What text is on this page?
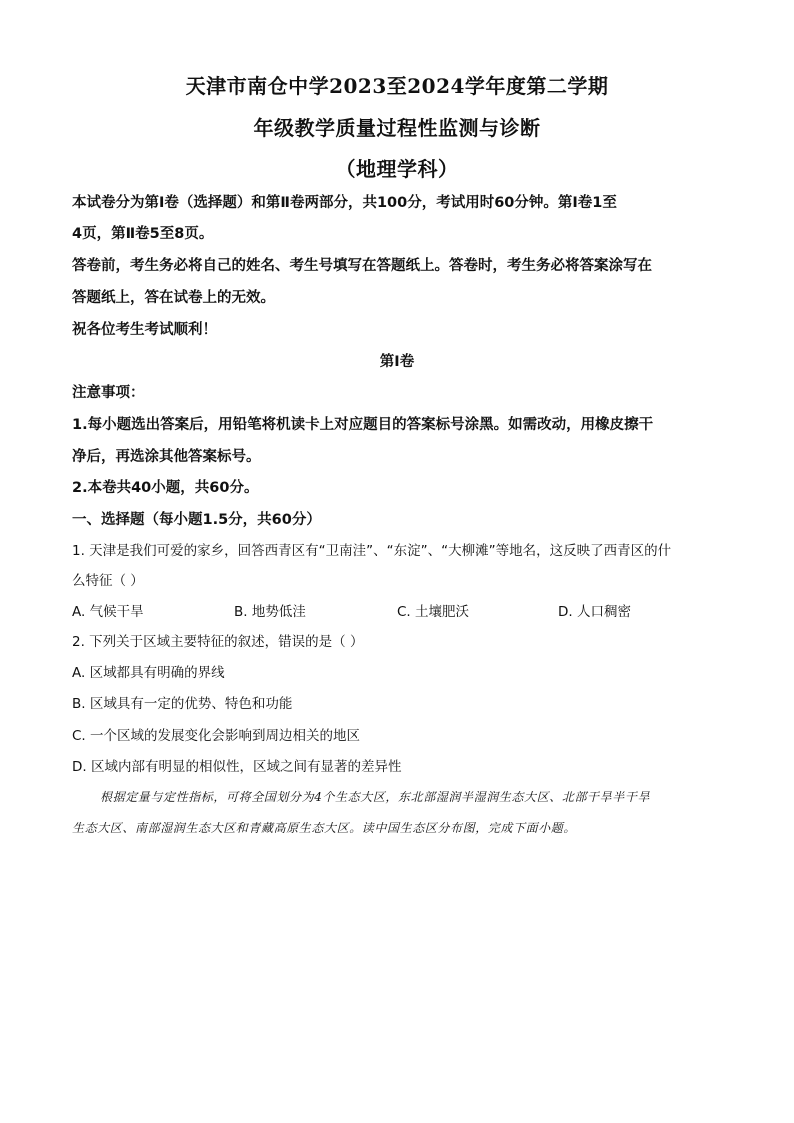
天津市南仓中学2023至2024学年度第二学期
年级教学质量过程性监测与诊断
（地理学科）
本试卷分为第Ⅰ卷（选择题）和第Ⅱ卷两部分，共100分，考试用时60分钟。第Ⅰ卷1至
4页，第Ⅱ卷5至8页。
答卷前，考生务必将自己的姓名、考生号填写在答题纸上。答卷时，考生务必将答案涂写在
答题纸上，答在试卷上的无效。
祝各位考生考试顺利！
第Ⅰ卷
注意事项：
1.每小题选出答案后，用铅笔将机读卡上对应题目的答案标号涂黑。如需改动，用橡皮擦干
净后，再选涂其他答案标号。
2.本卷共40小题，共60分。
一、选择题（每小题1.5分，共60分）
1. 天津是我们可爱的家乡，回答西青区有“卫南洼”、“东淀”、“大柳滩”等地名，这反映了西青区的什
么特征（ ）
A. 气候干旱	B. 地势低洼	C. 土壤肥沃	D. 人口稠密
2. 下列关于区域主要特征的叙述，错误的是（ ）
A. 区域都具有明确的界线
B. 区域具有一定的优势、特色和功能
C. 一个区域的发展变化会影响到周边相关的地区
D. 区域内部有明显的相似性，区域之间有显著的差异性
根据定量与定性指标，可将全国划分为4个生态大区，东北部湿润半湿润生态大区、北部干旱半干旱
生态大区、南部湿润生态大区和青藏高原生态大区。读中国生态区分布图，完成下面小题。
